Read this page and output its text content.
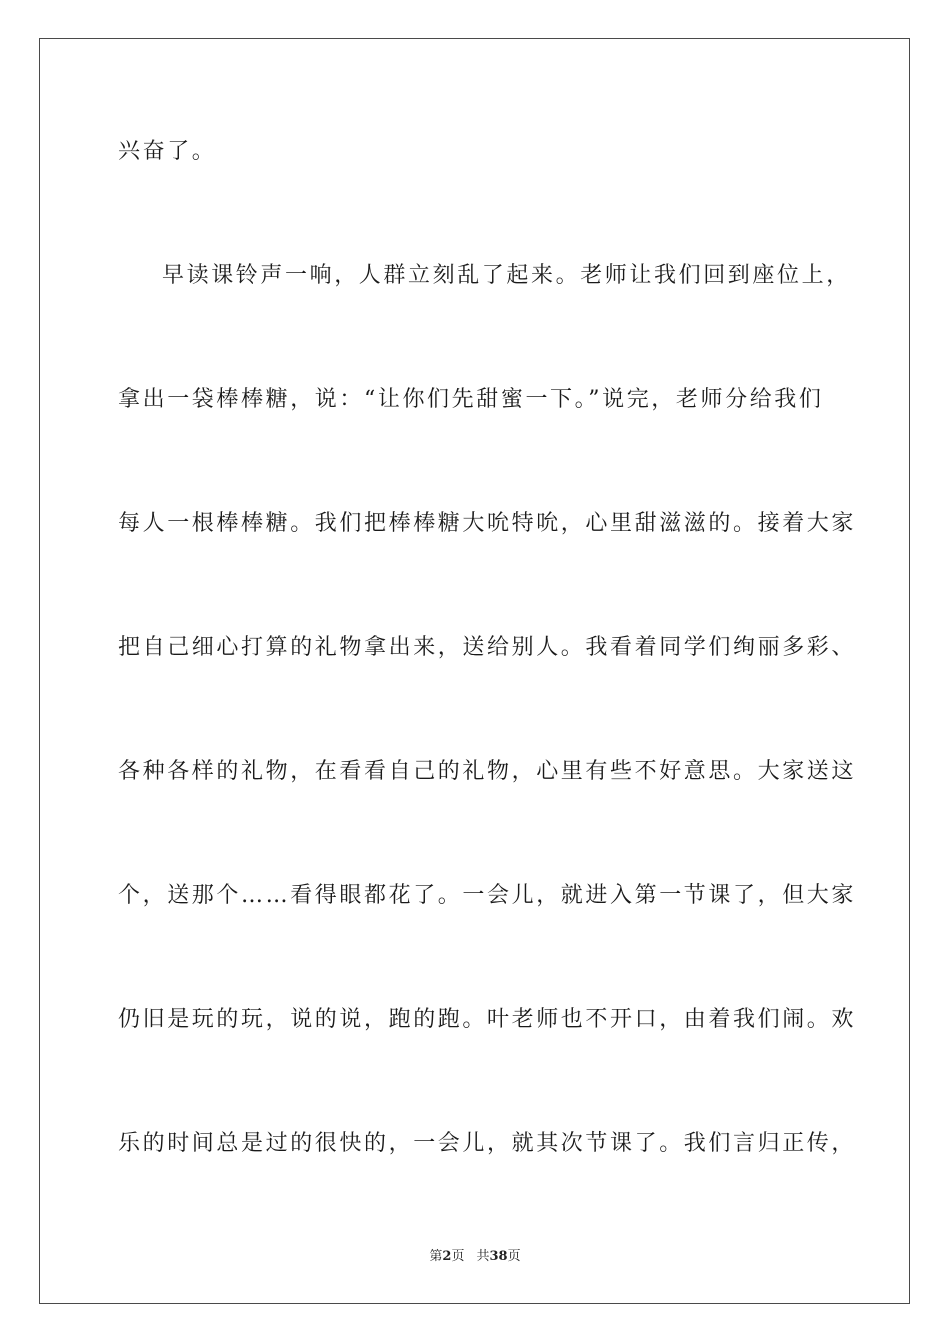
兴奋了。
早读课铃声一响，人群立刻乱了起来。老师让我们回到座位上，
拿出一袋棒棒糖，说：“让你们先甜蜜一下。”说完，老师分给我们
每人一根棒棒糖。我们把棒棒糖大吮特吮，心里甜滋滋的。接着大家
把自己细心打算的礼物拿出来，送给别人。我看着同学们绚丽多彩、
各种各样的礼物，在看看自己的礼物，心里有些不好意思。大家送这
个，送那个……看得眼都花了。一会儿，就进入第一节课了，但大家
仍旧是玩的玩，说的说，跑的跑。叶老师也不开口，由着我们闹。欢
乐的时间总是过的很快的，一会儿，就其次节课了。我们言归正传，
第2页 共38页
